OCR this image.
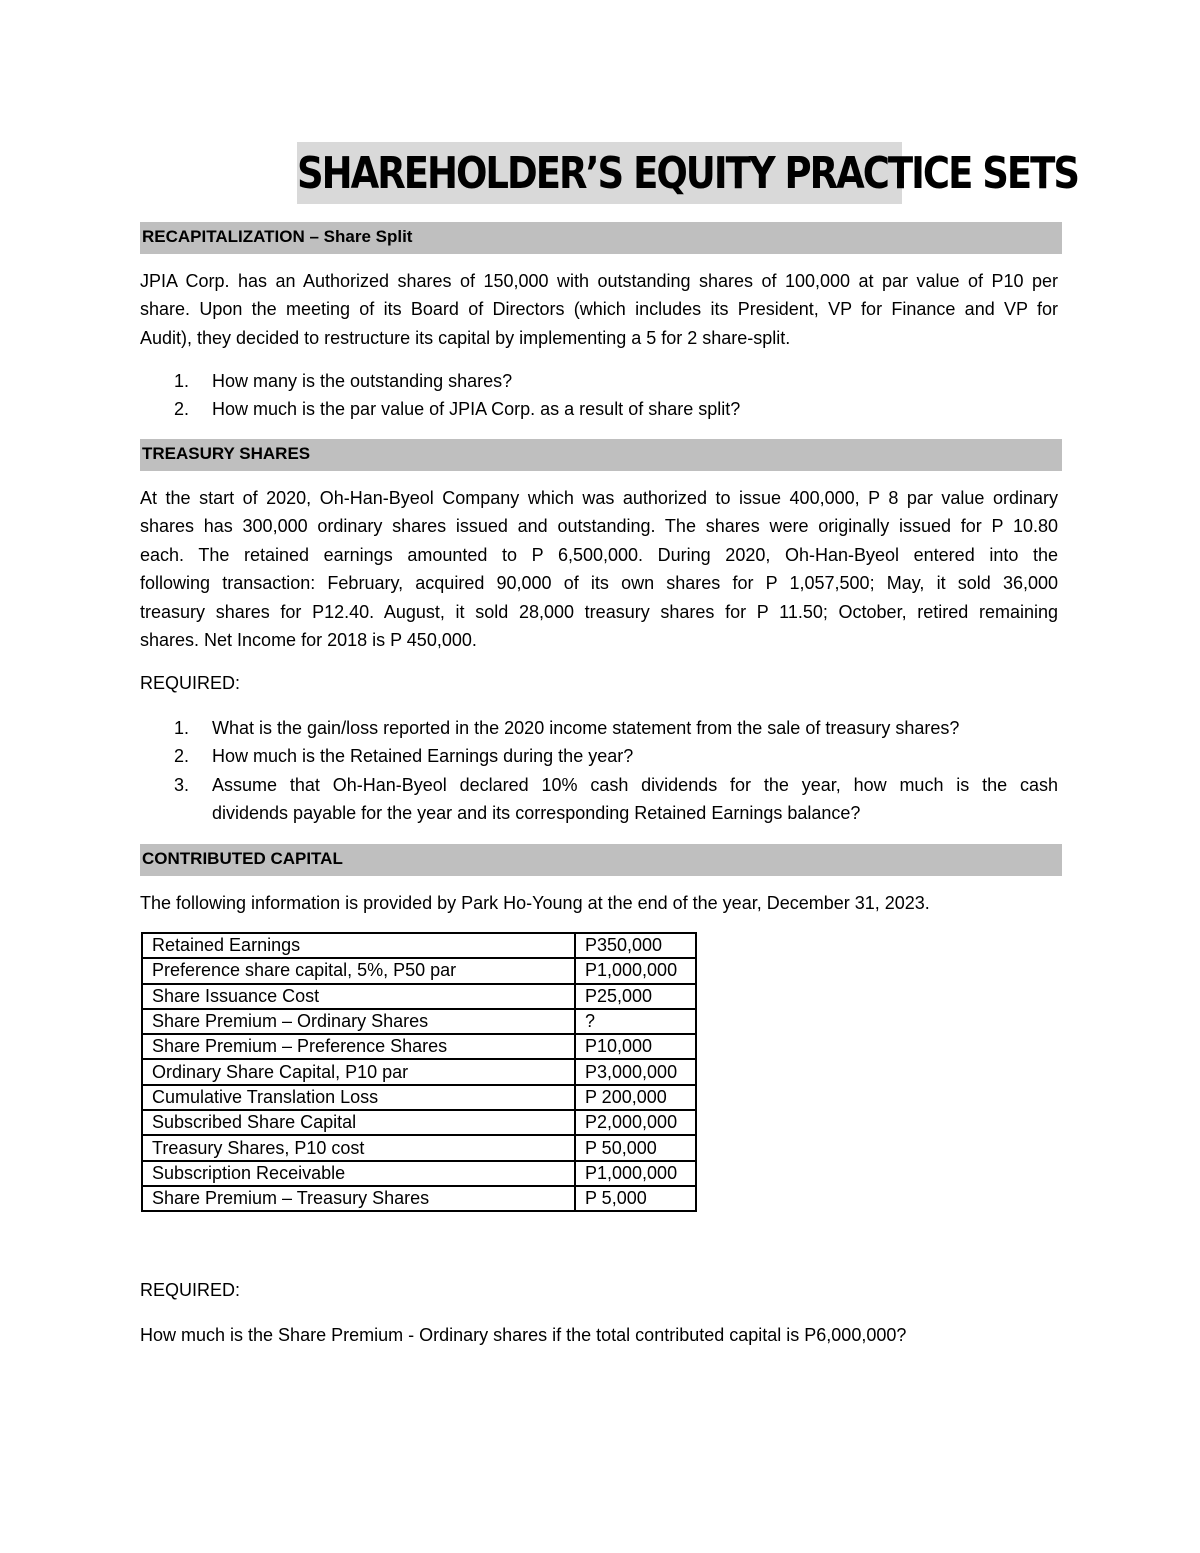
SHAREHOLDER’S EQUITY PRACTICE SETS
RECAPITALIZATION – Share Split
JPIA Corp. has an Authorized shares of 150,000 with outstanding shares of 100,000 at par value of P10 per
share. Upon the meeting of its Board of Directors (which includes its President, VP for Finance and VP for
Audit), they decided to restructure its capital by implementing a 5 for 2 share-split.
1. How many is the outstanding shares?
2. How much is the par value of JPIA Corp. as a result of share split?
TREASURY SHARES
At the start of 2020, Oh-Han-Byeol Company which was authorized to issue 400,000, P 8 par value ordinary
shares has 300,000 ordinary shares issued and outstanding. The shares were originally issued for P 10.80
each. The retained earnings amounted to P 6,500,000. During 2020, Oh-Han-Byeol entered into the
following transaction: February, acquired 90,000 of its own shares for P 1,057,500; May, it sold 36,000
treasury shares for P12.40. August, it sold 28,000 treasury shares for P 11.50; October, retired remaining
shares. Net Income for 2018 is P 450,000.
REQUIRED:
1. What is the gain/loss reported in the 2020 income statement from the sale of treasury shares?
2. How much is the Retained Earnings during the year?
3. Assume that Oh-Han-Byeol declared 10% cash dividends for the year, how much is the cash
dividends payable for the year and its corresponding Retained Earnings balance?
CONTRIBUTED CAPITAL
The following information is provided by Park Ho-Young at the end of the year, December 31, 2023.
Retained Earnings	P350,000
Preference share capital, 5%, P50 par	P1,000,000
Share Issuance Cost	P25,000
Share Premium – Ordinary Shares	?
Share Premium – Preference Shares	P10,000
Ordinary Share Capital, P10 par	P3,000,000
Cumulative Translation Loss	P 200,000
Subscribed Share Capital	P2,000,000
Treasury Shares, P10 cost	P 50,000
Subscription Receivable	P1,000,000
Share Premium – Treasury Shares	P 5,000
REQUIRED:
How much is the Share Premium - Ordinary shares if the total contributed capital is P6,000,000?
